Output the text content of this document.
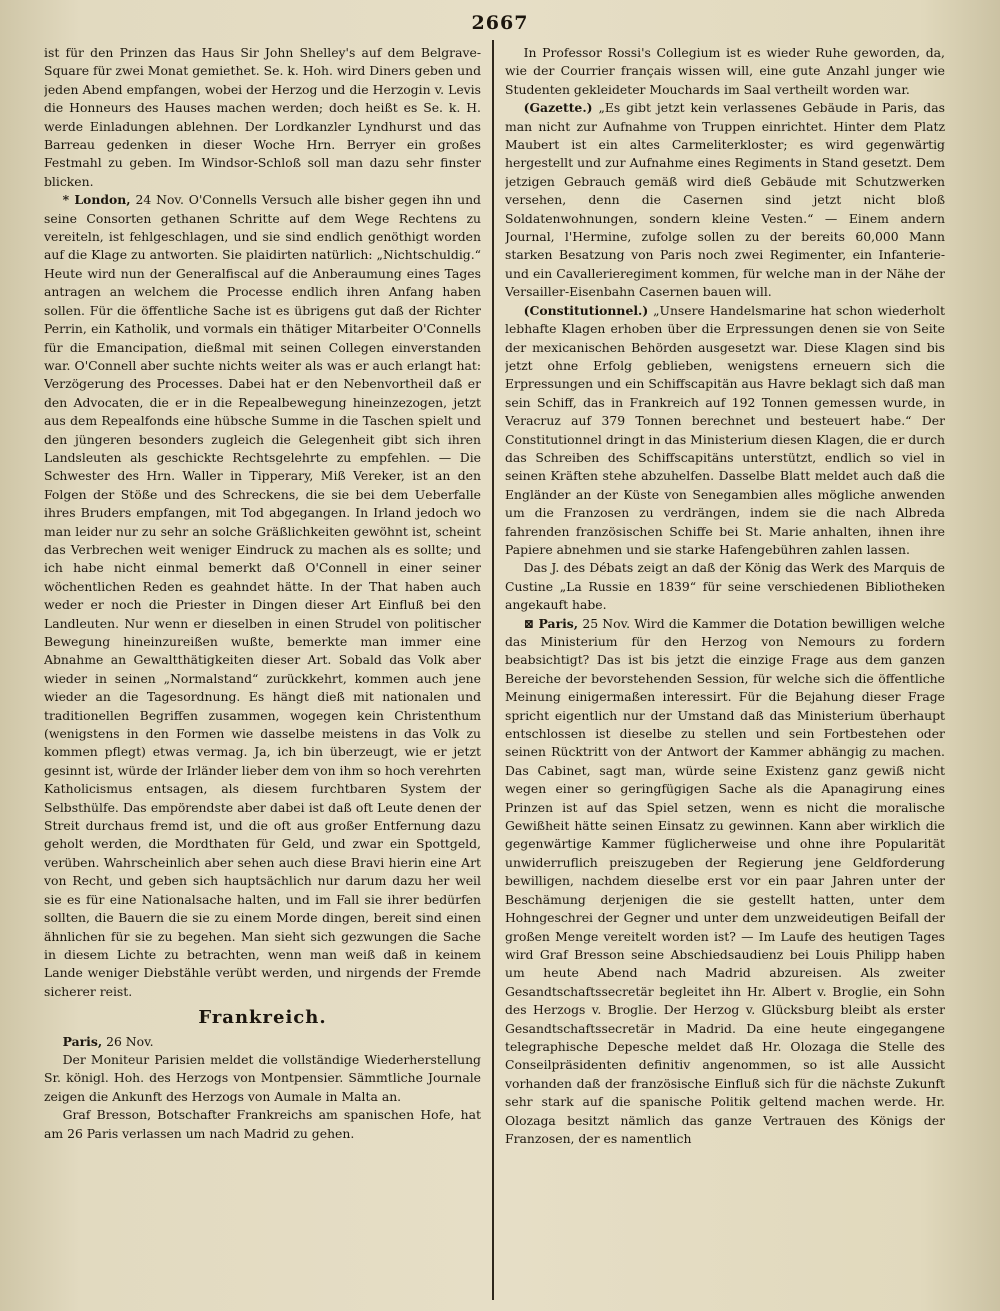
2667

ist für den Prinzen das Haus Sir John Shelley's auf dem Belgrave-Square für zwei Monat gemiethet. Se. k. Hoh. wird Diners geben und jeden Abend empfangen, wobei der Herzog und die Herzogin v. Levis die Honneurs des Hauses machen werden; doch heißt es Se. k. H. werde Einladungen ablehnen. Der Lordkanzler Lyndhurst und das Barreau gedenken in dieser Woche Hrn. Berryer ein großes Festmahl zu geben. Im Windsor-Schloß soll man dazu sehr finster blicken.

* London, 24 Nov. O'Connells Versuch alle bisher gegen ihn und seine Consorten gethanen Schritte auf dem Wege Rechtens zu vereiteln, ist fehlgeschlagen, und sie sind endlich genöthigt worden auf die Klage zu antworten. Sie plaidirten natürlich: „Nichtschuldig.“ Heute wird nun der Generalfiscal auf die Anberaumung eines Tages antragen an welchem die Processe endlich ihren Anfang haben sollen. Für die öffentliche Sache ist es übrigens gut daß der Richter Perrin, ein Katholik, und vormals ein thätiger Mitarbeiter O'Connells für die Emancipation, dießmal mit seinen Collegen einverstanden war. O'Connell aber suchte nichts weiter als was er auch erlangt hat: Verzögerung des Processes. Dabei hat er den Nebenvortheil daß er den Advocaten, die er in die Repealbewegung hineinzezogen, jetzt aus dem Repealfonds eine hübsche Summe in die Taschen spielt und den jüngeren besonders zugleich die Gelegenheit gibt sich ihren Landsleuten als geschickte Rechtsgelehrte zu empfehlen. — Die Schwester des Hrn. Waller in Tipperary, Miß Vereker, ist an den Folgen der Stöße und des Schreckens, die sie bei dem Ueberfalle ihres Bruders empfangen, mit Tod abgegangen. In Irland jedoch wo man leider nur zu sehr an solche Gräßlichkeiten gewöhnt ist, scheint das Verbrechen weit weniger Eindruck zu machen als es sollte; und ich habe nicht einmal bemerkt daß O'Connell in einer seiner wöchentlichen Reden es geahndet hätte. In der That haben auch weder er noch die Priester in Dingen dieser Art Einfluß bei den Landleuten. Nur wenn er dieselben in einen Strudel von politischer Bewegung hineinzureißen wußte, bemerkte man immer eine Abnahme an Gewaltthätigkeiten dieser Art. Sobald das Volk aber wieder in seinen „Normalstand“ zurückkehrt, kommen auch jene wieder an die Tagesordnung. Es hängt dieß mit nationalen und traditionellen Begriffen zusammen, wogegen kein Christenthum (wenigstens in den Formen wie dasselbe meistens in das Volk zu kommen pflegt) etwas vermag. Ja, ich bin überzeugt, wie er jetzt gesinnt ist, würde der Irländer lieber dem von ihm so hoch verehrten Katholicismus entsagen, als diesem furchtbaren System der Selbsthülfe. Das empörendste aber dabei ist daß oft Leute denen der Streit durchaus fremd ist, und die oft aus großer Entfernung dazu geholt werden, die Mordthaten für Geld, und zwar ein Spottgeld, verüben. Wahrscheinlich aber sehen auch diese Bravi hierin eine Art von Recht, und geben sich hauptsächlich nur darum dazu her weil sie es für eine Nationalsache halten, und im Fall sie ihrer bedürfen sollten, die Bauern die sie zu einem Morde dingen, bereit sind einen ähnlichen für sie zu begehen. Man sieht sich gezwungen die Sache in diesem Lichte zu betrachten, wenn man weiß daß in keinem Lande weniger Diebstähle verübt werden, und nirgends der Fremde sicherer reist.

Frankreich.

Paris, 26 Nov.

Der Moniteur Parisien meldet die vollständige Wiederherstellung Sr. königl. Hoh. des Herzogs von Montpensier. Sämmtliche Journale zeigen die Ankunft des Herzogs von Aumale in Malta an.

Graf Bresson, Botschafter Frankreichs am spanischen Hofe, hat am 26 Paris verlassen um nach Madrid zu gehen.

In Professor Rossi's Collegium ist es wieder Ruhe geworden, da, wie der Courrier français wissen will, eine gute Anzahl junger wie Studenten gekleideter Mouchards im Saal vertheilt worden war.

(Gazette.) „Es gibt jetzt kein verlassenes Gebäude in Paris, das man nicht zur Aufnahme von Truppen einrichtet. Hinter dem Platz Maubert ist ein altes Carmeliterkloster; es wird gegenwärtig hergestellt und zur Aufnahme eines Regiments in Stand gesetzt. Dem jetzigen Gebrauch gemäß wird dieß Gebäude mit Schutzwerken versehen, denn die Casernen sind jetzt nicht bloß Soldatenwohnungen, sondern kleine Vesten.“ — Einem andern Journal, l'Hermine, zufolge sollen zu der bereits 60,000 Mann starken Besatzung von Paris noch zwei Regimenter, ein Infanterie- und ein Cavallerieregiment kommen, für welche man in der Nähe der Versailler-Eisenbahn Casernen bauen will.

(Constitutionnel.) „Unsere Handelsmarine hat schon wiederholt lebhafte Klagen erhoben über die Erpressungen denen sie von Seite der mexicanischen Behörden ausgesetzt war. Diese Klagen sind bis jetzt ohne Erfolg geblieben, wenigstens erneuern sich die Erpressungen und ein Schiffscapitän aus Havre beklagt sich daß man sein Schiff, das in Frankreich auf 192 Tonnen gemessen wurde, in Veracruz auf 379 Tonnen berechnet und besteuert habe.“ Der Constitutionnel dringt in das Ministerium diesen Klagen, die er durch das Schreiben des Schiffscapitäns unterstützt, endlich so viel in seinen Kräften stehe abzuhelfen. Dasselbe Blatt meldet auch daß die Engländer an der Küste von Senegambien alles mögliche anwenden um die Franzosen zu verdrängen, indem sie die nach Albreda fahrenden französischen Schiffe bei St. Marie anhalten, ihnen ihre Papiere abnehmen und sie starke Hafengebühren zahlen lassen.

Das J. des Débats zeigt an daß der König das Werk des Marquis de Custine „La Russie en 1839“ für seine verschiedenen Bibliotheken angekauft habe.

⊠ Paris, 25 Nov. Wird die Kammer die Dotation bewilligen welche das Ministerium für den Herzog von Nemours zu fordern beabsichtigt? Das ist bis jetzt die einzige Frage aus dem ganzen Bereiche der bevorstehenden Session, für welche sich die öffentliche Meinung einigermaßen interessirt. Für die Bejahung dieser Frage spricht eigentlich nur der Umstand daß das Ministerium überhaupt entschlossen ist dieselbe zu stellen und sein Fortbestehen oder seinen Rücktritt von der Antwort der Kammer abhängig zu machen. Das Cabinet, sagt man, würde seine Existenz ganz gewiß nicht wegen einer so geringfügigen Sache als die Apanagirung eines Prinzen ist auf das Spiel setzen, wenn es nicht die moralische Gewißheit hätte seinen Einsatz zu gewinnen. Kann aber wirklich die gegenwärtige Kammer füglicherweise und ohne ihre Popularität unwiderruflich preiszugeben der Regierung jene Geldforderung bewilligen, nachdem dieselbe erst vor ein paar Jahren unter der Beschämung derjenigen die sie gestellt hatten, unter dem Hohngeschrei der Gegner und unter dem unzweideutigen Beifall der großen Menge vereitelt worden ist? — Im Laufe des heutigen Tages wird Graf Bresson seine Abschiedsaudienz bei Louis Philipp haben um heute Abend nach Madrid abzureisen. Als zweiter Gesandtschaftssecretär begleitet ihn Hr. Albert v. Broglie, ein Sohn des Herzogs v. Broglie. Der Herzog v. Glücksburg bleibt als erster Gesandtschaftssecretär in Madrid. Da eine heute eingegangene telegraphische Depesche meldet daß Hr. Olozaga die Stelle des Conseilpräsidenten definitiv angenommen, so ist alle Aussicht vorhanden daß der französische Einfluß sich für die nächste Zukunft sehr stark auf die spanische Politik geltend machen werde. Hr. Olozaga besitzt nämlich das ganze Vertrauen des Königs der Franzosen, der es namentlich
